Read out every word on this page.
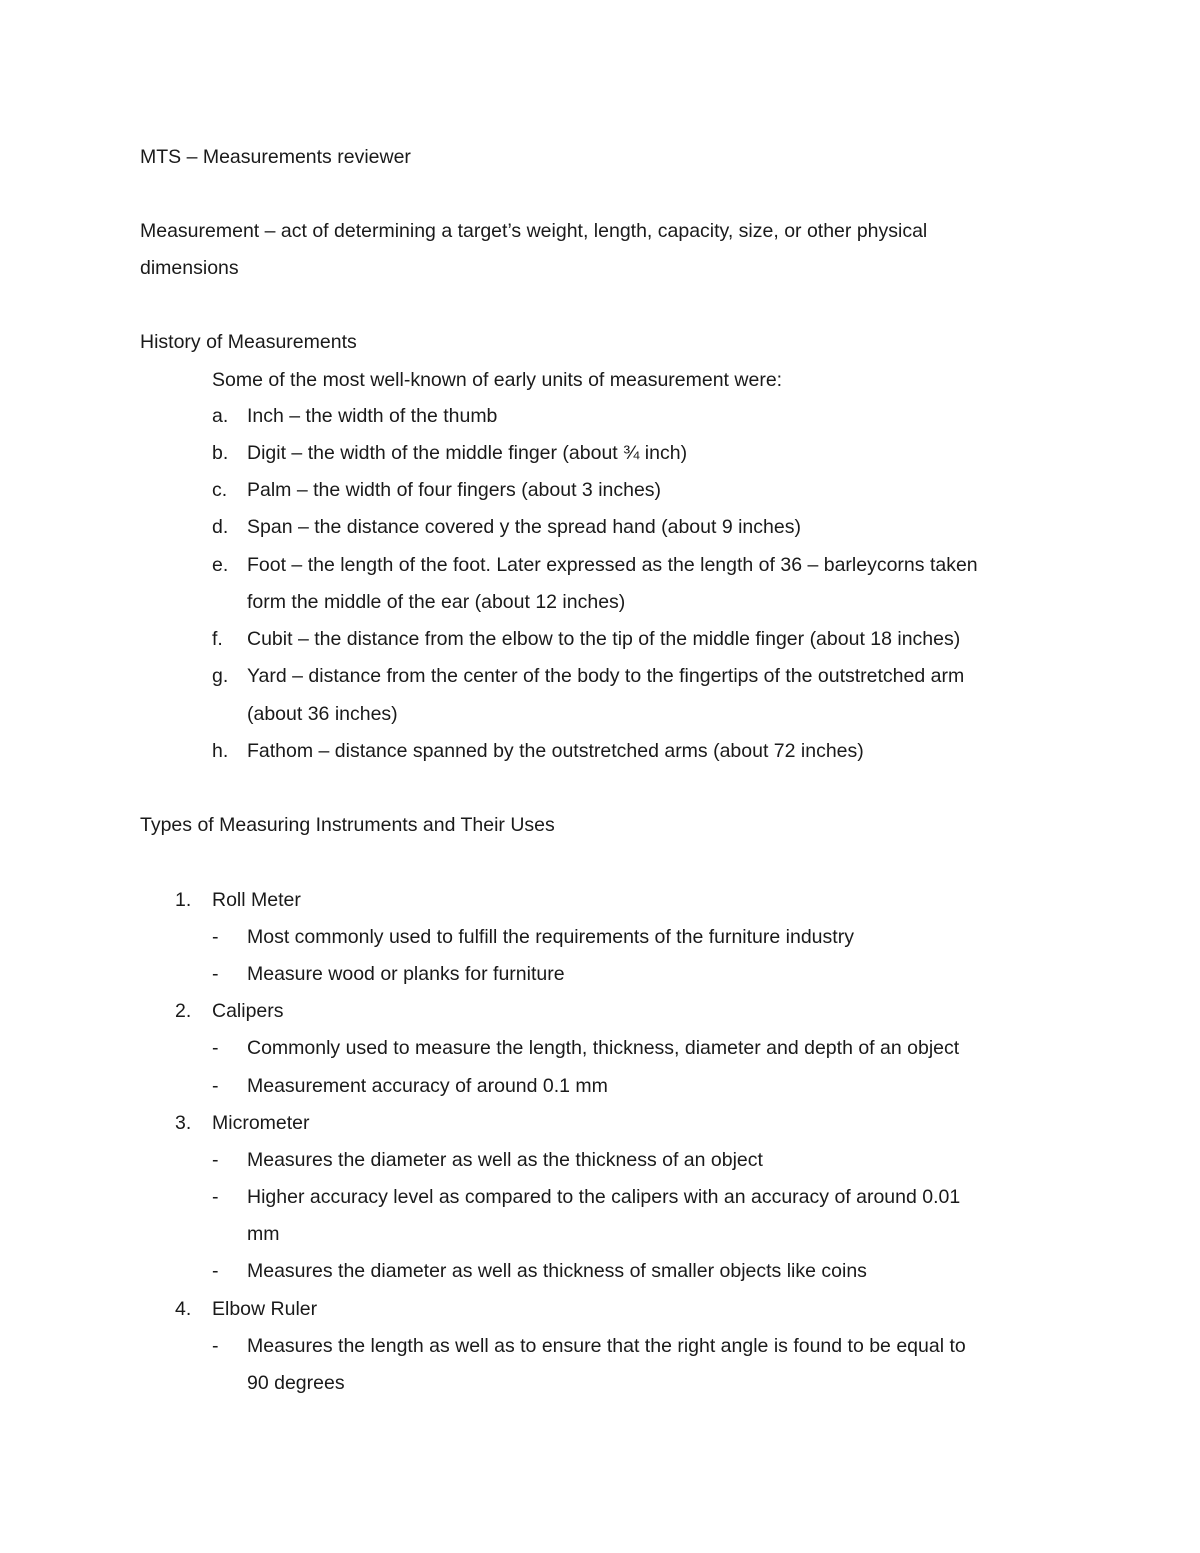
MTS – Measurements reviewer
Measurement – act of determining a target’s weight, length, capacity, size, or other physical
dimensions
History of Measurements
Some of the most well-known of early units of measurement were:
a. Inch – the width of the thumb
b. Digit – the width of the middle finger (about ¾ inch)
c. Palm – the width of four fingers (about 3 inches)
d. Span – the distance covered y the spread hand (about 9 inches)
e. Foot – the length of the foot. Later expressed as the length of 36 – barleycorns taken
form the middle of the ear (about 12 inches)
f. Cubit – the distance from the elbow to the tip of the middle finger (about 18 inches)
g. Yard – distance from the center of the body to the fingertips of the outstretched arm
(about 36 inches)
h. Fathom – distance spanned by the outstretched arms (about 72 inches)
Types of Measuring Instruments and Their Uses
1. Roll Meter
- Most commonly used to fulfill the requirements of the furniture industry
- Measure wood or planks for furniture
2. Calipers
- Commonly used to measure the length, thickness, diameter and depth of an object
- Measurement accuracy of around 0.1 mm
3. Micrometer
- Measures the diameter as well as the thickness of an object
- Higher accuracy level as compared to the calipers with an accuracy of around 0.01
mm
- Measures the diameter as well as thickness of smaller objects like coins
4. Elbow Ruler
- Measures the length as well as to ensure that the right angle is found to be equal to
90 degrees
